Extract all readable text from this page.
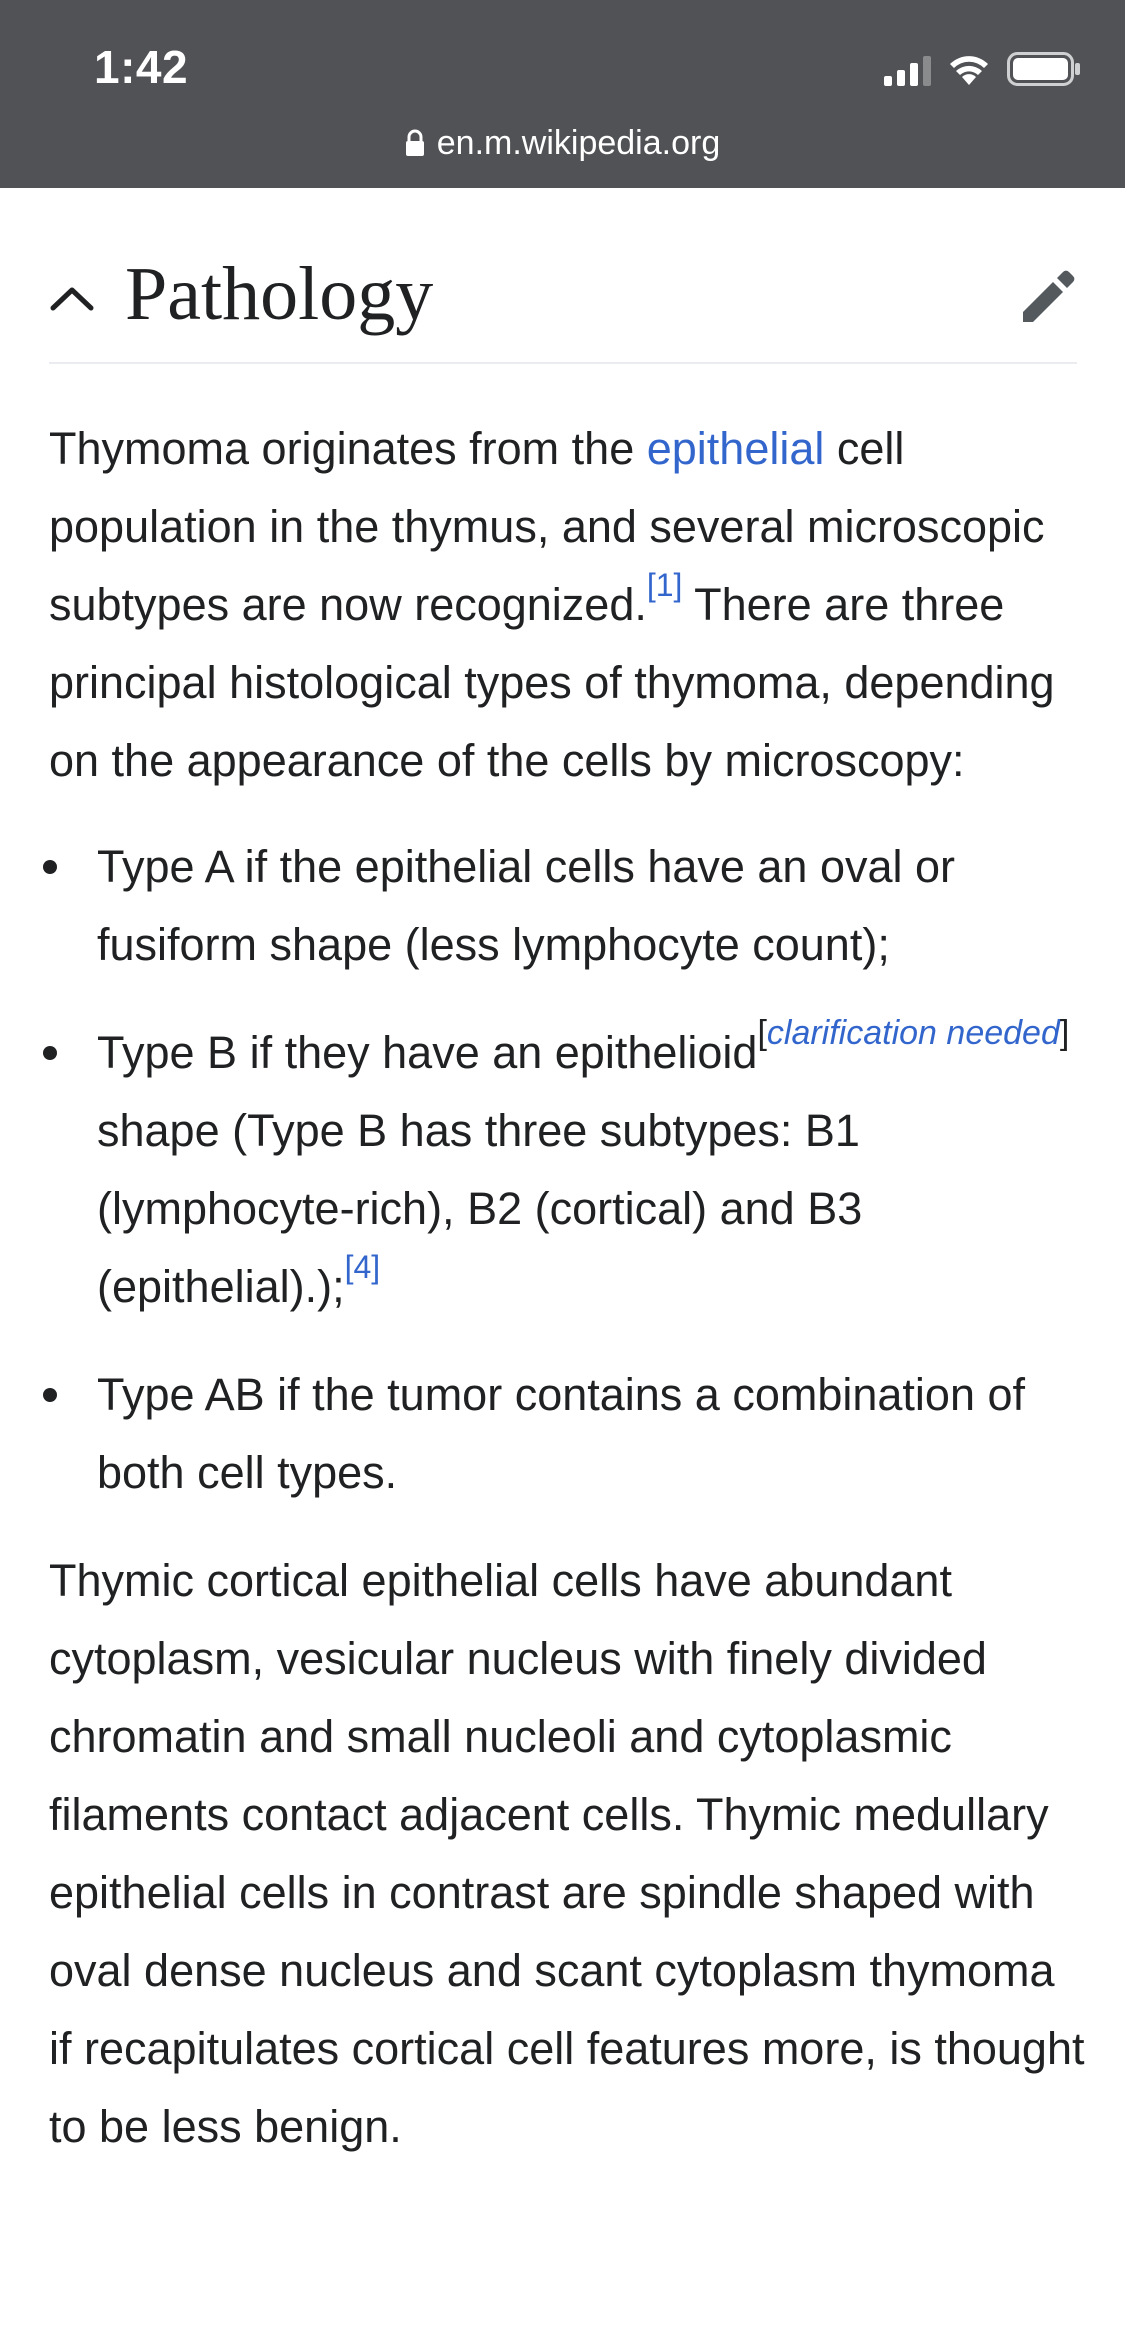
1:42
en.m.wikipedia.org
Pathology

Thymoma originates from the epithelial cell population in the thymus, and several microscopic subtypes are now recognized.[1] There are three principal histological types of thymoma, depending on the appearance of the cells by microscopy:

Type A if the epithelial cells have an oval or fusiform shape (less lymphocyte count);
Type B if they have an epithelioid[clarification needed] shape (Type B has three subtypes: B1 (lymphocyte-rich), B2 (cortical) and B3 (epithelial).);[4]
Type AB if the tumor contains a combination of both cell types.

Thymic cortical epithelial cells have abundant cytoplasm, vesicular nucleus with finely divided chromatin and small nucleoli and cytoplasmic filaments contact adjacent cells. Thymic medullary epithelial cells in contrast are spindle shaped with oval dense nucleus and scant cytoplasm thymoma if recapitulates cortical cell features more, is thought to be less benign.
